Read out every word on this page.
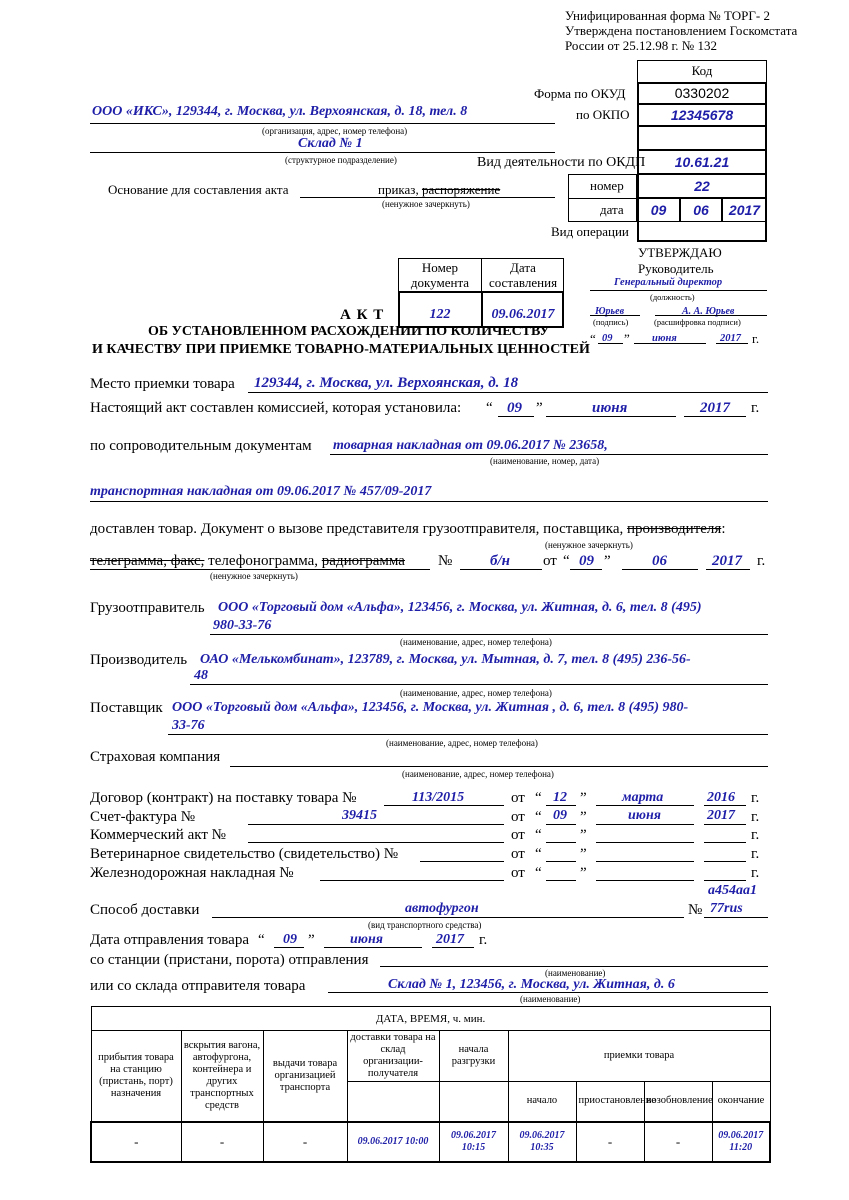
Унифицированная форма № ТОРГ- 2
Утверждена постановлением Госкомстата
России от 25.12.98 г. № 132
Код
Форма по ОКУД	0330202
по ОКПО	12345678
Вид деятельности по ОКДП	10.61.21
номер	22
дата	09	06	2017
Вид операции
ООО «ИКС», 129344, г. Москва, ул. Верхоянская, д. 18, тел. 8
(организация, адрес, номер телефона)
Склад № 1
(структурное подразделение)
Основание для составления акта	приказ, распоряжение
(ненужное зачеркнуть)
Номер документа
Дата составления
122	09.06.2017
УТВЕРЖДАЮ
Руководитель
Генеральный директор
(должность)
Юрьев	А. А. Юрьев
(подпись)	(расшифровка подписи)
“ 09 ” июня	2017 г.
А К Т
ОБ УСТАНОВЛЕННОМ РАСХОЖДЕНИИ ПО КОЛИЧЕСТВУ
И КАЧЕСТВУ ПРИ ПРИЕМКЕ ТОВАРНО-МАТЕРИАЛЬНЫХ ЦЕННОСТЕЙ
Место приемки товара 129344, г. Москва, ул. Верхоянская, д. 18
Настоящий акт составлен комиссией, которая установила: “ 09 ”	июня	2017 г.
по сопроводительным документам товарная накладная от 09.06.2017 № 23658,
(наименование, номер, дата)
транспортная накладная от 09.06.2017 № 457/09-2017
доставлен товар. Документ о вызове представителя грузоотправителя, поставщика, производителя:
(ненужное зачеркнуть)
телеграмма, факс, телефонограмма, радиограмма
(ненужное зачеркнуть)
№	б/н от “ 09 ”	06	2017 г.
Грузоотправитель ООО «Торговый дом «Альфа», 123456, г. Москва, ул. Житная, д. 6, тел. 8 (495)
980-33-76
(наименование, адрес, номер телефона)
Производитель ОАО «Мелькомбинат», 123789, г. Москва, ул. Мытная, д. 7, тел. 8 (495) 236-56-
48
(наименование, адрес, номер телефона)
Поставщик ООО «Торговый дом «Альфа», 123456, г. Москва, ул. Житная , д. 6, тел. 8 (495) 980-
33-76
(наименование, адрес, номер телефона)
Страховая компания
(наименование, адрес, номер телефона)
Договор (контракт) на поставку товара №	113/2015	от “ 12 ”	марта	2016 г.
Счет-фактура №	39415	от “ 09 ”	июня	2017 г.
Коммерческий акт №	от “	”	г.
Ветеринарное свидетельство (свидетельство) №	от “	”	г.
Железнодорожная накладная №	от “	”	г.
а454аа1
Способ доставки	автофургон
(вид транспортного средства)
№ 77rus
Дата отправления товара “ 09 ”	июня	2017 г.
со станции (пристани, порота) отправления
(наименование)
или со склада отправителя товара	Склад № 1, 123456, г. Москва, ул. Житная, д. 6
(наименование)
ДАТА, ВРЕМЯ, ч. мин.								
прибытия товара на станцию (пристань, порт) назначения	вскрытия вагона, автофургона, контейнера и других транспортных средств	выдачи товара организацией транспорта	доставки товара на склад организации-получателя	начала разгрузки	приемки товара			
					начало	приостановление	возобновление	окончание
-	-	-	09.06.2017 10:00	09.06.2017 10:15	09.06.2017 10:35	-	-	09.06.2017 11:20
